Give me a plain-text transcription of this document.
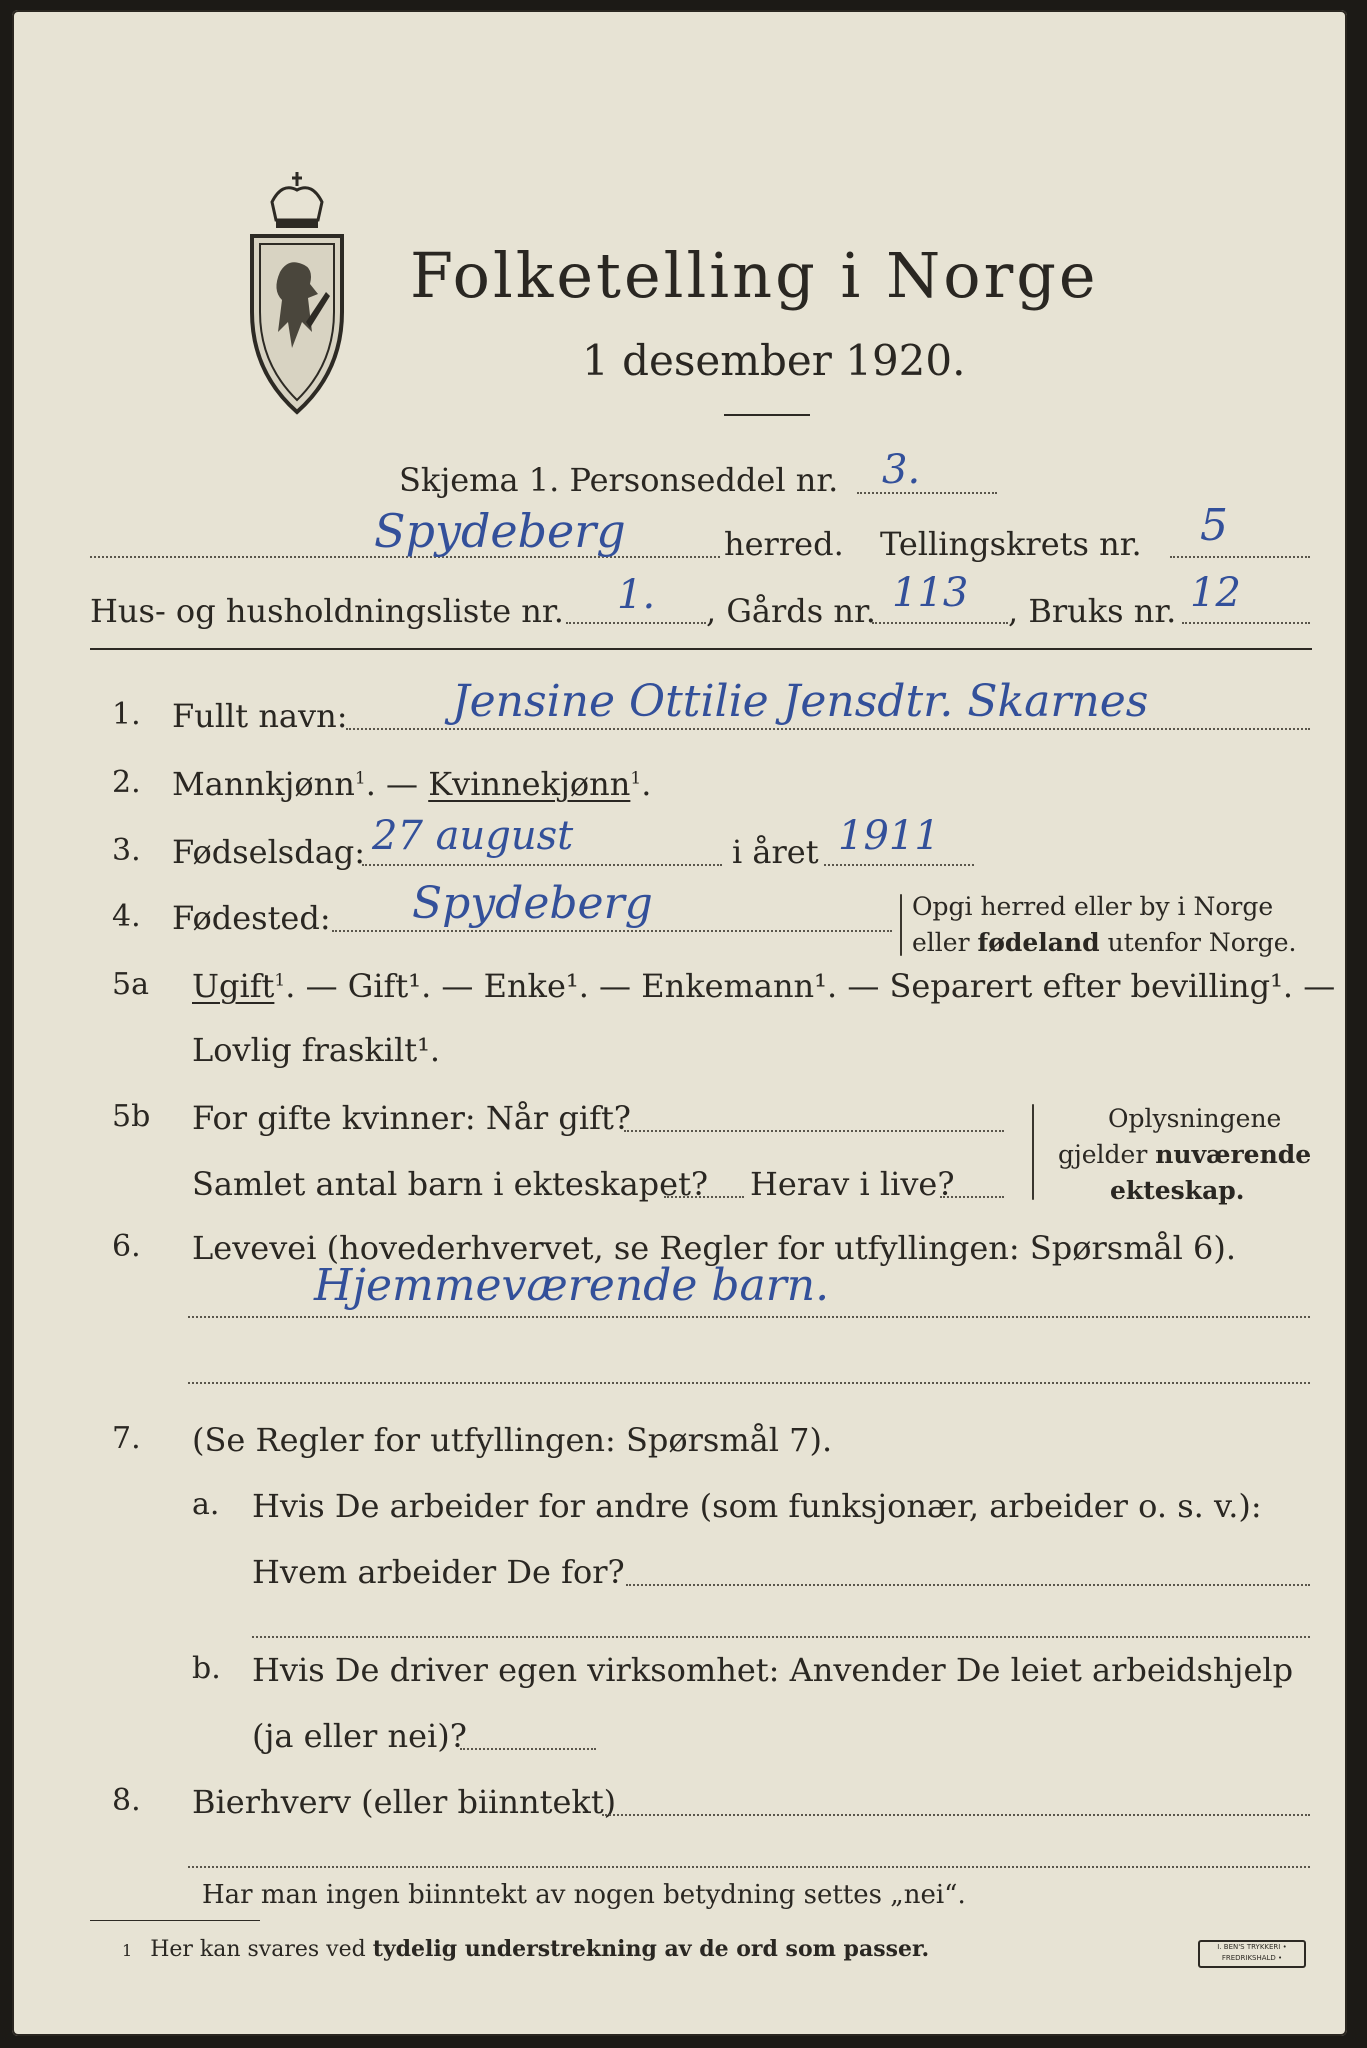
Folketelling i Norge
1 desember 1920.
Skjema 1. Personseddel nr. 3.
Spydeberg	herred. Tellingskrets nr. 5
Hus- og husholdningsliste nr. 1. , Gårds nr. 113 , Bruks nr. 12
1. Fullt navn: Jensine Ottilie Jensdtr. Skarnes
2. Mannkjønn$^1$. — Kvinnekjønn$^1$.
3. Fødselsdag: 27 august	i året 1911
4. Fødested: Spydeberg	Opgi herred eller by i Norge
eller fødeland utenfor Norge.
5a Ugift$^1$. — Gift¹. — Enke¹. — Enkemann¹. — Separert efter bevilling¹. —
Lovlig fraskilt¹.
5b For gifte kvinner: Når gift?
Samlet antal barn i ekteskapet? Herav i live?
Oplysningene
gjelder nuværende
ekteskap.
6. Levevei (hovederhvervet, se Regler for utfyllingen: Spørsmål 6).
Hjemmeværende barn.
7. (Se Regler for utfyllingen: Spørsmål 7).
a. Hvis De arbeider for andre (som funksjonær, arbeider o. s. v.):
Hvem arbeider De for?
b. Hvis De driver egen virksomhet: Anvender De leiet arbeidshjelp
(ja eller nei)?
8. Bierhverv (eller biinntekt)
Har man ingen biinntekt av nogen betydning settes „nei“.
1 Her kan svares ved tydelig understrekning av de ord som passer.	I. BEN'S TRYKKERI • FREDRIKSHALD •
